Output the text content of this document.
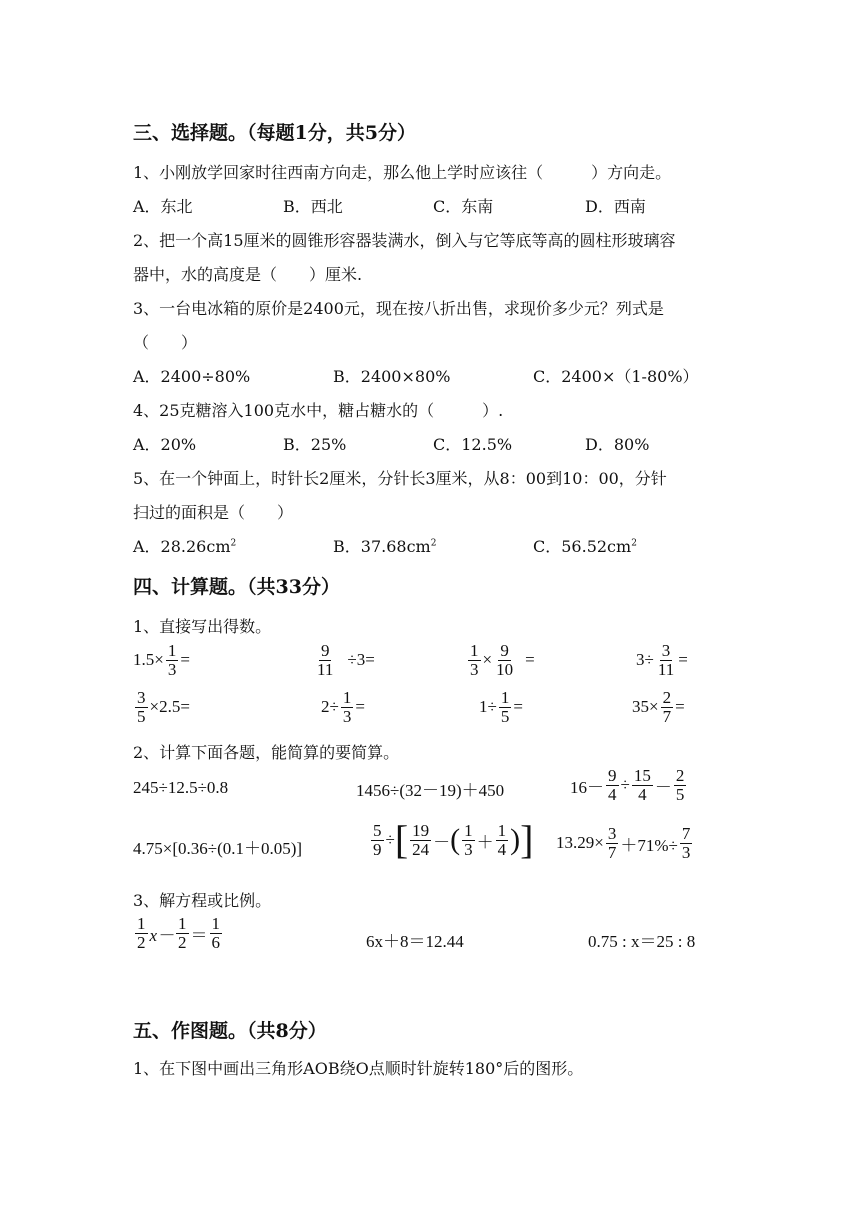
三、选择题。（每题1分，共5分）
1、小刚放学回家时往西南方向走，那么他上学时应该往（　　　）方向走。
A．东北	B．西北	C．东南	D．西南
2、把一个高15厘米的圆锥形容器装满水，倒入与它等底等高的圆柱形玻璃容
器中，水的高度是（　　）厘米.
3、一台电冰箱的原价是2400元，现在按八折出售，求现价多少元？列式是
（　　）
A．2400÷80%	B．2400×80%	C．2400×（1-80%）
4、25克糖溶入100克水中，糖占糖水的（　　　）.
A．20%	B．25%	C．12.5%	D．80%
5、在一个钟面上，时针长2厘米，分针长3厘米，从8：00到10：00，分针
扫过的面积是（　　）
A．$28.26cm^2$	B．$37.68cm^2$	C．$56.52cm^2$
四、计算题。（共33分）
1、直接写出得数。
$1.5\times \frac{1}{3}$ =	$\frac{9}{11} \div 3=$	$\frac{1}{3} \times \frac{9}{10}$ =	$3\div \frac{3}{11}$ =
$\frac{3}{5} \times 2.5=$	$2\div \frac{1}{3}$ =	$1\div \frac{1}{5}$ =	$35\times \frac{2}{7}$ =
2、计算下面各题，能简算的要简算。
245÷12.5÷0.8	1456÷(32－19)＋450	$16- \frac{9}{4} \div \frac{15}{4} - \frac{2}{5}$
4.75×[0.36÷(0.1＋0.05)]	$\frac{5}{9}$ ÷ [ $\frac{19}{24}$ － ( $\frac{1}{3} + \frac{1}{4}$ ) ] $13.29\times \frac{3}{7} +71\%\div \frac{7}{3}$
3、解方程或比例。
$\frac{1}{2} x- \frac{1}{2} = \frac{1}{6}$	6x＋8＝12.44	0.75 : x＝25 : 8
五、作图题。（共8分）
1、在下图中画出三角形AOB绕O点顺时针旋转180°后的图形。
